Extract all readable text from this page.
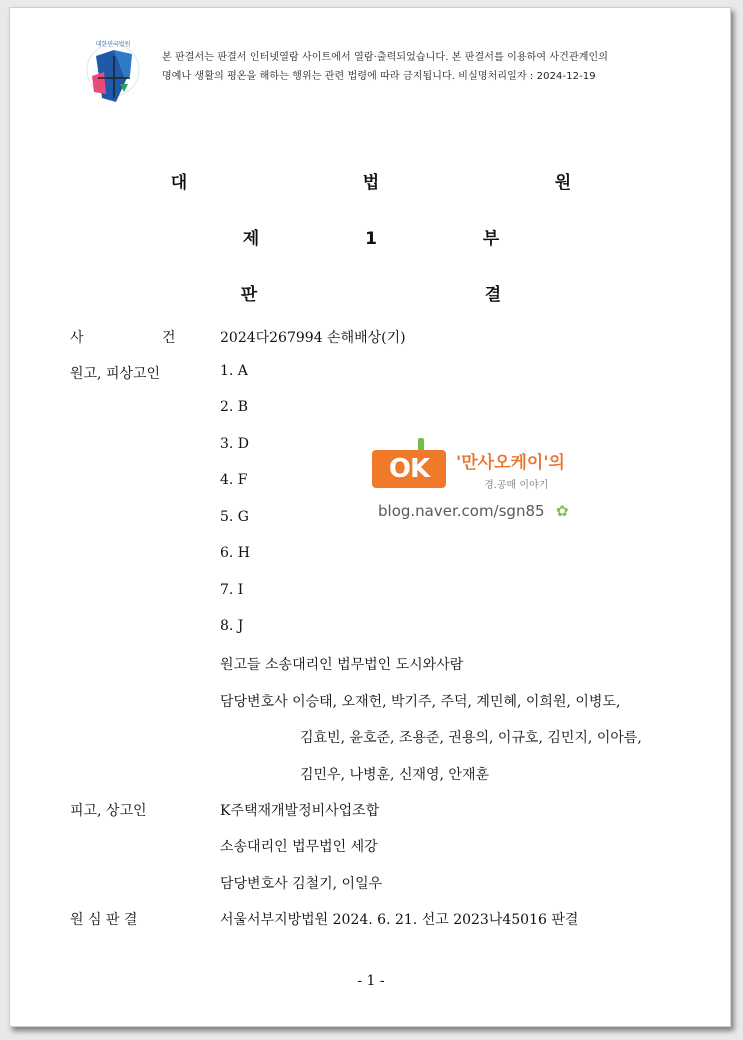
대한민국법원
본 판결서는 판결서 인터넷열람 사이트에서 열람·출력되었습니다. 본 판결서를 이용하여 사건관계인의
명예나 생활의 평온을 해하는 행위는 관련 법령에 따라 금지됩니다. 비실명처리일자 : 2024-12-19
대	법	원
제	1	부
판	결
사	건	2024다267994 손해배상(기)
원고, 피상고인	1. A
2. B
3. D
4. F
5. G
6. H
7. I
8. J
원고들 소송대리인 법무법인 도시와사람
담당변호사 이승태, 오재헌, 박기주, 주덕, 계민혜, 이희원, 이병도,
김효빈, 윤호준, 조용준, 권용의, 이규호, 김민지, 이아름,
김민우, 나병훈, 신재영, 안재훈
피고, 상고인	K주택재개발정비사업조합
소송대리인 법무법인 세강
담당변호사 김철기, 이일우
원 심 판 결	서울서부지방법원 2024. 6. 21. 선고 2023나45016 판결
OK	'만사오케이'의
경.공매 이야기
blog.naver.com/sgn85 ✿
- 1 -
